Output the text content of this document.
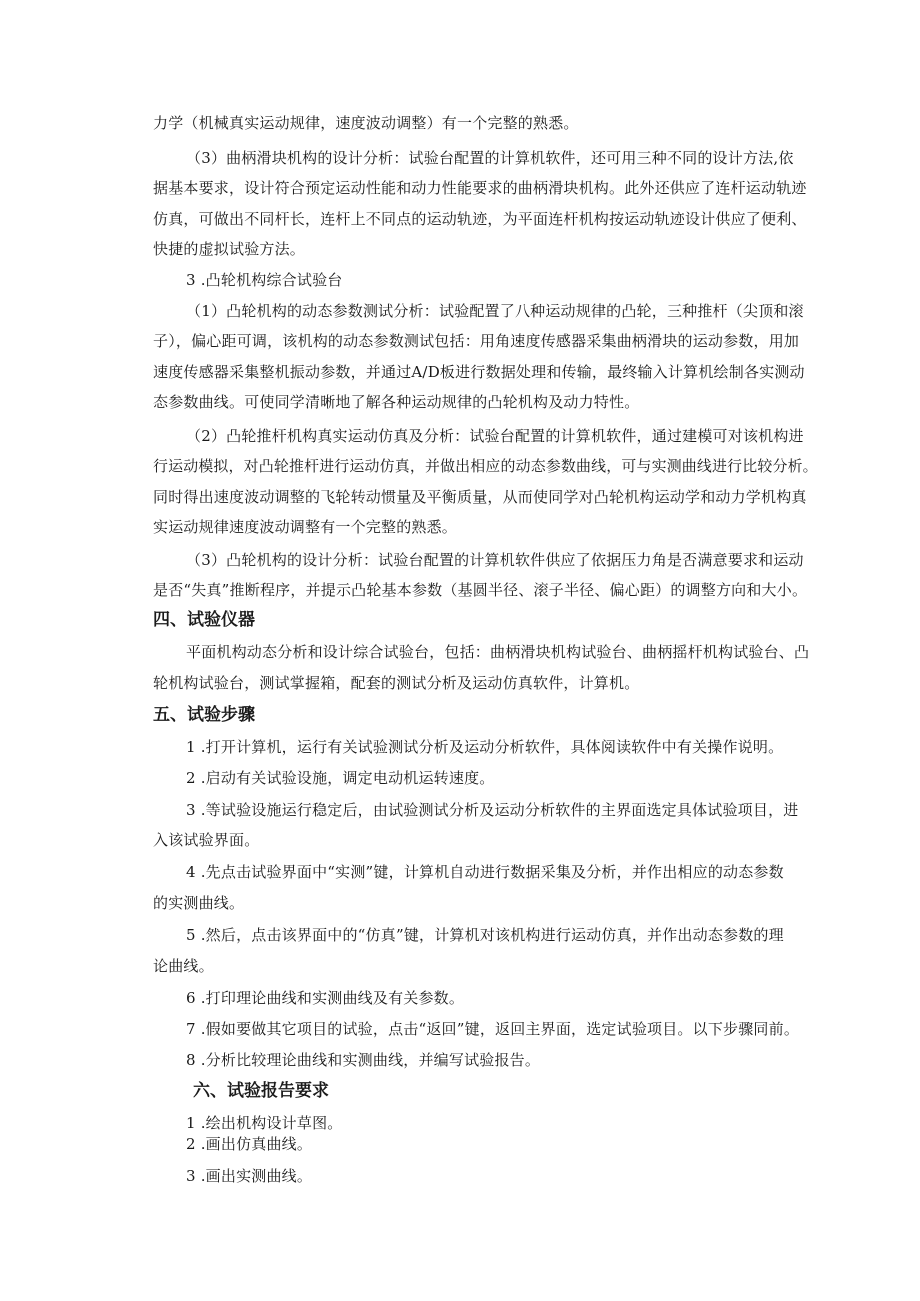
力学（机械真实运动规律，速度波动调整）有一个完整的熟悉。
（3）曲柄滑块机构的设计分析：试验台配置的计算机软件，还可用三种不同的设计方法,依
据基本要求，设计符合预定运动性能和动力性能要求的曲柄滑块机构。此外还供应了连杆运动轨迹
仿真，可做出不同杆长，连杆上不同点的运动轨迹，为平面连杆机构按运动轨迹设计供应了便利、
快捷的虚拟试验方法。
3 .凸轮机构综合试验台
（1）凸轮机构的动态参数测试分析：试验配置了八种运动规律的凸轮，三种推杆（尖顶和滚
子），偏心距可调，该机构的动态参数测试包括：用角速度传感器采集曲柄滑块的运动参数，用加
速度传感器采集整机振动参数，并通过A/D板进行数据处理和传输，最终输入计算机绘制各实测动
态参数曲线。可使同学清晰地了解各种运动规律的凸轮机构及动力特性。
（2）凸轮推杆机构真实运动仿真及分析：试验台配置的计算机软件，通过建模可对该机构进
行运动模拟，对凸轮推杆进行运动仿真，并做出相应的动态参数曲线，可与实测曲线进行比较分析。
同时得出速度波动调整的飞轮转动惯量及平衡质量，从而使同学对凸轮机构运动学和动力学机构真
实运动规律速度波动调整有一个完整的熟悉。
（3）凸轮机构的设计分析：试验台配置的计算机软件供应了依据压力角是否满意要求和运动
是否“失真”推断程序，并提示凸轮基本参数（基圆半径、滚子半径、偏心距）的调整方向和大小。
四、试验仪器
平面机构动态分析和设计综合试验台，包括：曲柄滑块机构试验台、曲柄摇杆机构试验台、凸
轮机构试验台，测试掌握箱，配套的测试分析及运动仿真软件，计算机。
五、试验步骤
1 .打开计算机，运行有关试验测试分析及运动分析软件，具体阅读软件中有关操作说明。
2 .启动有关试验设施，调定电动机运转速度。
3 .等试验设施运行稳定后，由试验测试分析及运动分析软件的主界面选定具体试验项目，进
入该试验界面。
4 .先点击试验界面中“实测”键，计算机自动进行数据采集及分析，并作出相应的动态参数
的实测曲线。
5 .然后，点击该界面中的“仿真”键，计算机对该机构进行运动仿真，并作出动态参数的理
论曲线。
6 .打印理论曲线和实测曲线及有关参数。
7 .假如要做其它项目的试验，点击“返回”键，返回主界面，选定试验项目。以下步骤同前。
8 .分析比较理论曲线和实测曲线，并编写试验报告。
六、试验报告要求
1 .绘出机构设计草图。
2 .画出仿真曲线。
3 .画出实测曲线。
